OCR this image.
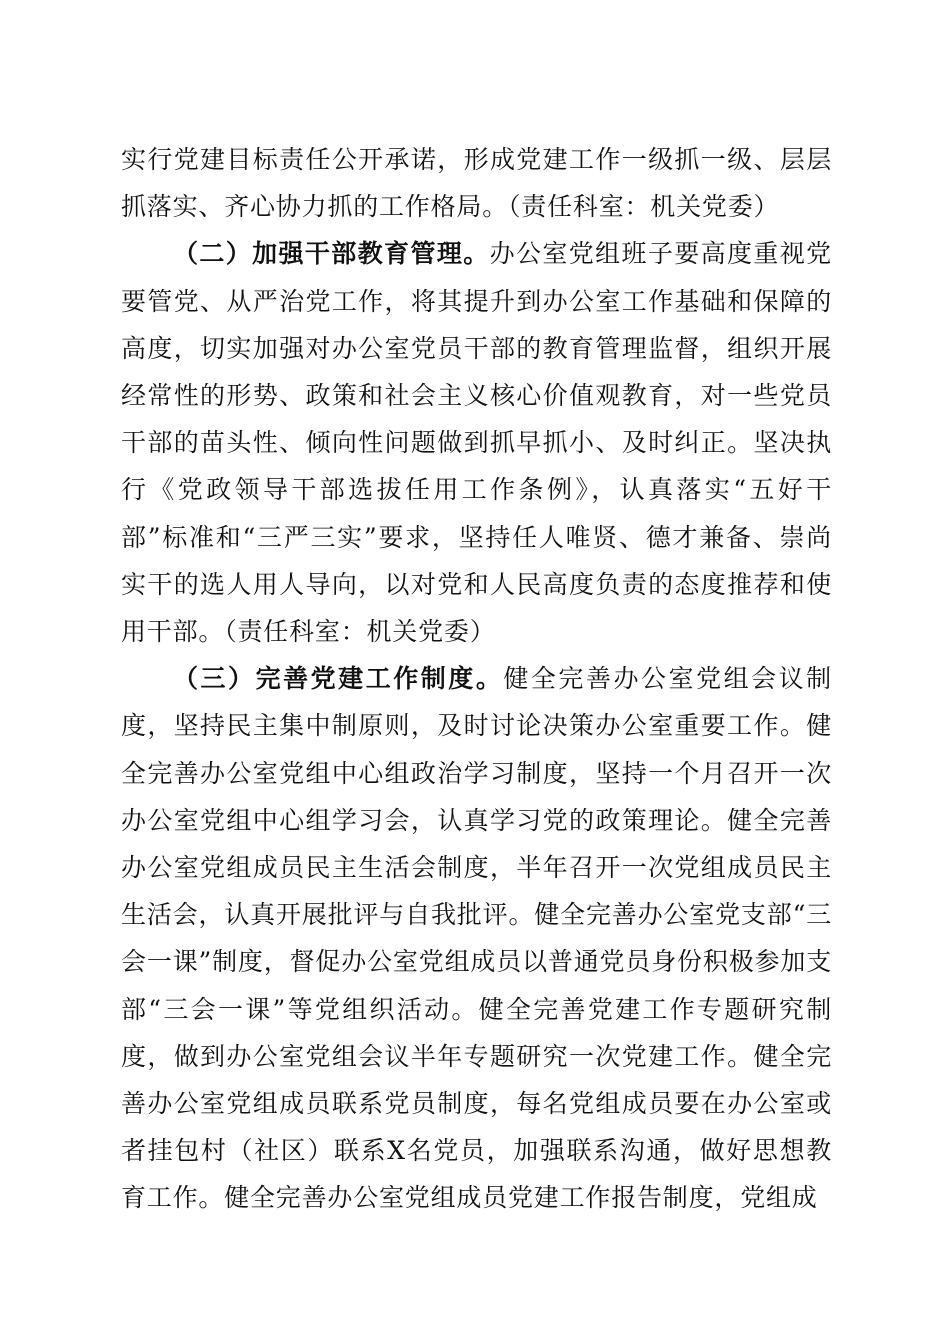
实行党建目标责任公开承诺，形成党建工作一级抓一级、层层抓落实、齐心协力抓的工作格局。（责任科室：机关党委）

（二）加强干部教育管理。办公室党组班子要高度重视党要管党、从严治党工作，将其提升到办公室工作基础和保障的高度，切实加强对办公室党员干部的教育管理监督，组织开展经常性的形势、政策和社会主义核心价值观教育，对一些党员干部的苗头性、倾向性问题做到抓早抓小、及时纠正。坚决执行《党政领导干部选拔任用工作条例》，认真落实“五好干部”标准和“三严三实”要求，坚持任人唯贤、德才兼备、崇尚实干的选人用人导向，以对党和人民高度负责的态度推荐和使用干部。（责任科室：机关党委）

（三）完善党建工作制度。健全完善办公室党组会议制度，坚持民主集中制原则，及时讨论决策办公室重要工作。健全完善办公室党组中心组政治学习制度，坚持一个月召开一次办公室党组中心组学习会，认真学习党的政策理论。健全完善办公室党组成员民主生活会制度，半年召开一次党组成员民主生活会，认真开展批评与自我批评。健全完善办公室党支部“三会一课”制度，督促办公室党组成员以普通党员身份积极参加支部“三会一课”等党组织活动。健全完善党建工作专题研究制度，做到办公室党组会议半年专题研究一次党建工作。健全完善办公室党组成员联系党员制度，每名党组成员要在办公室或者挂包村（社区）联系X名党员，加强联系沟通，做好思想教育工作。健全完善办公室党组成员党建工作报告制度，党组成
